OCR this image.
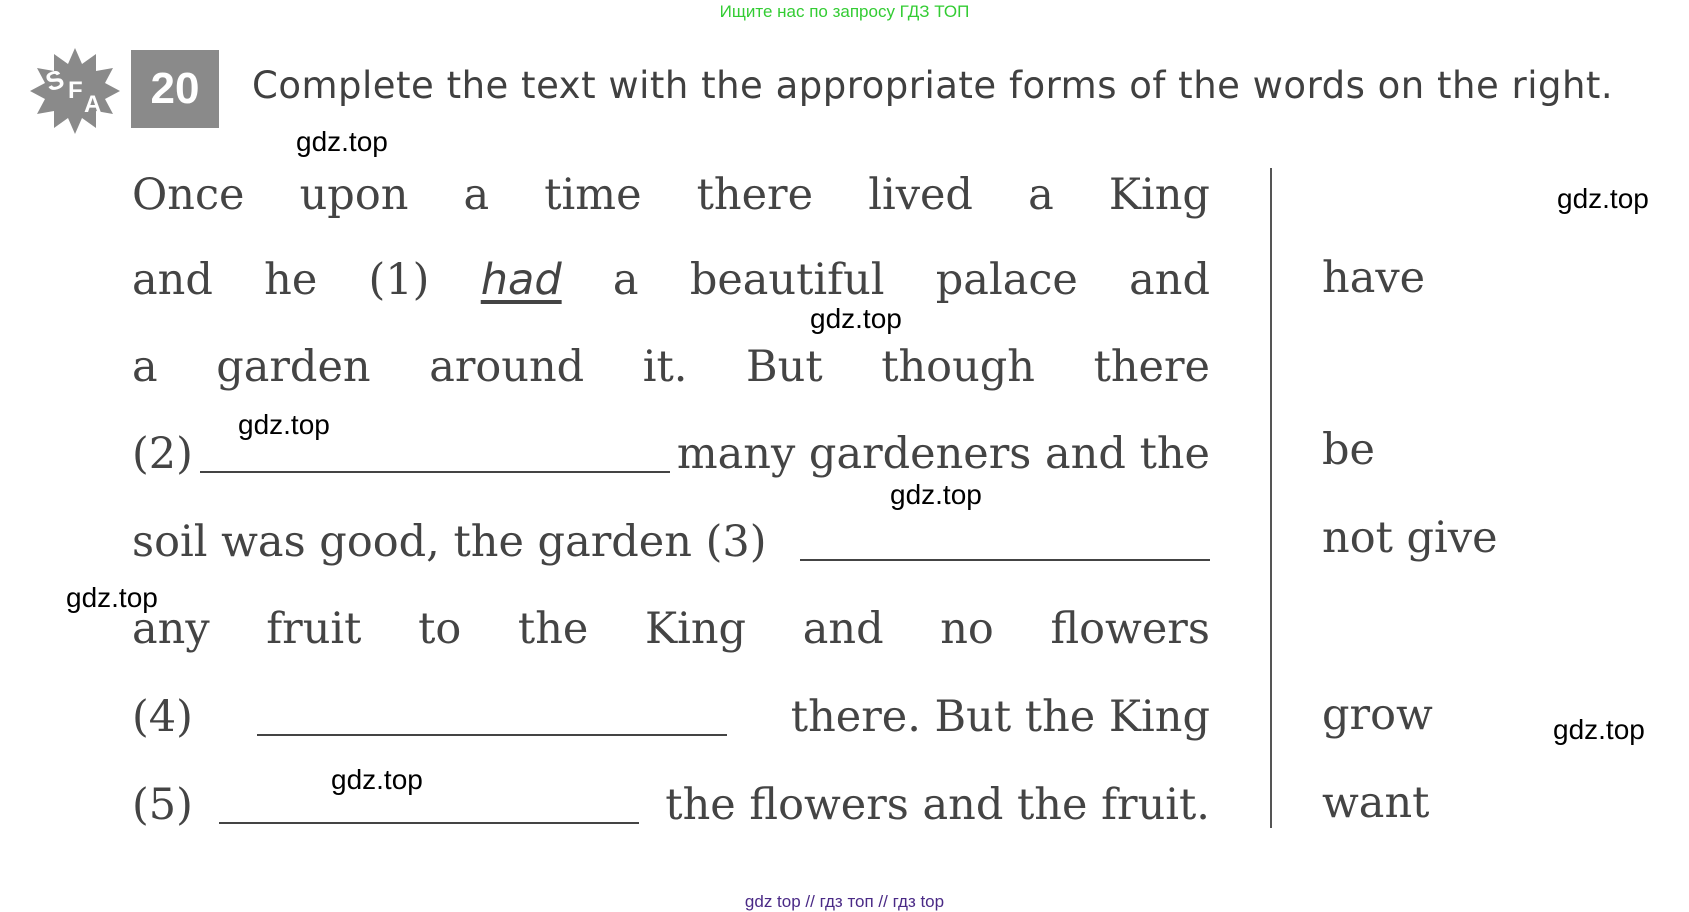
Ищите нас по запросу ГДЗ ТОП
S F
A	20	Complete the text with the appropriate forms of the words on the right.
Once upon a time there lived a King
and he (1) had a beautiful palace and
a garden around it. But though there
(2)	many gardeners and the
soil was good, the garden (3)
any fruit to the King and no flowers
(4)	there. But the King
(5)	the flowers and the fruit.
have
be
not give
grow
want
gdz.top
gdz.top
gdz.top
gdz.top
gdz.top
gdz.top
gdz.top
gdz.top
gdz top // гдз топ // гдз top
